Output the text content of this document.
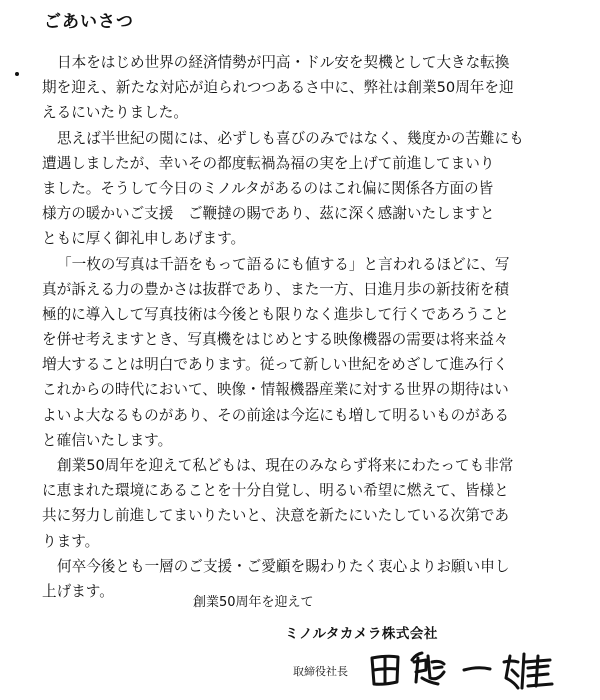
ごあいさつ

日本をはじめ世界の経済情勢が円高・ドル安を契機として大きな転換
期を迎え、新たな対応が迫られつつあるさ中に、弊社は創業50周年を迎
えるにいたりました。

思えば半世紀の閲には、必ずしも喜びのみではなく、幾度かの苦難にも
遭遇しましたが、幸いその都度転禍為福の実を上げて前進してまいり
ました。そうして今日のミノルタがあるのはこれ偏に関係各方面の皆
様方の暖かいご支援　ご鞭撻の賜であり、茲に深く感謝いたしますと
ともに厚く御礼申しあげます。

「一枚の写真は千語をもって語るにも値する」と言われるほどに、写
真が訴える力の豊かさは抜群であり、また一方、日進月歩の新技術を積
極的に導入して写真技術は今後とも限りなく進歩して行くであろうこと
を併せ考えますとき、写真機をはじめとする映像機器の需要は将来益々
増大することは明白であります。従って新しい世紀をめざして進み行く
これからの時代において、映像・情報機器産業に対する世界の期待はい
よいよ大なるものがあり、その前途は今迄にも増して明るいものがある
と確信いたします。

創業50周年を迎えて私どもは、現在のみならず将来にわたっても非常
に恵まれた環境にあることを十分自覚し、明るい希望に燃えて、皆様と
共に努力し前進してまいりたいと、決意を新たにいたしている次第であ
ります。

何卒今後とも一層のご支援・ご愛顧を賜わりたく衷心よりお願い申し
上げます。

創業50周年を迎えて
ミノルタカメラ株式会社
取締役社長
